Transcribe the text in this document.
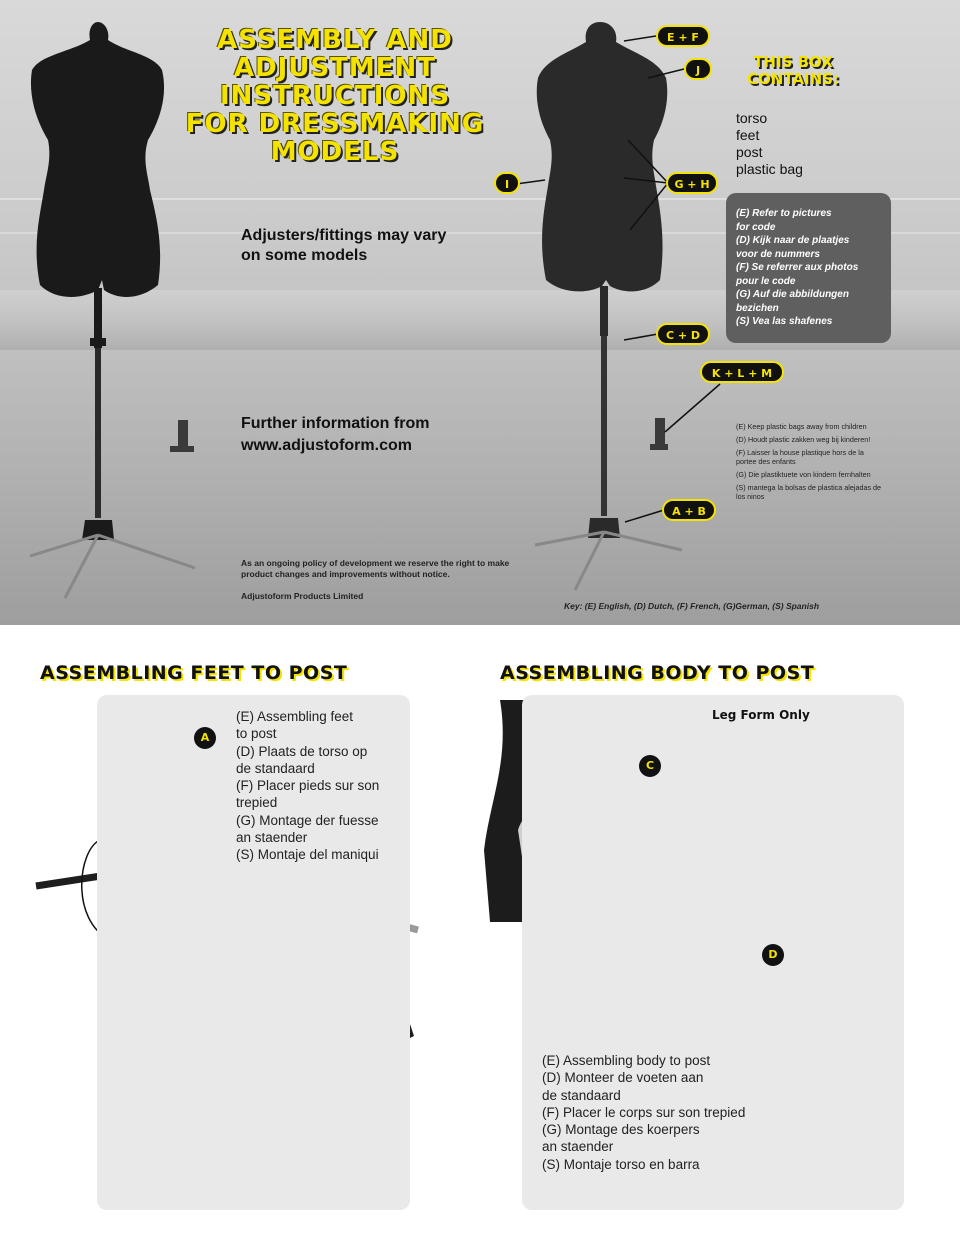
ASSEMBLY AND
ADJUSTMENT
INSTRUCTIONS
FOR DRESSMAKING
MODELS
THIS BOX
CONTAINS:
torso
feet
post
plastic bag
(E) Refer to pictures
for code
(D) Kijk naar de plaatjes
voor de nummers
(F) Se referrer aux photos
pour le code
(G) Auf die abbildungen
bezichen
(S) Vea las shafenes
Adjusters/fittings may vary on some models
Further information from
www.adjustoform.com
As an ongoing policy of development we reserve the right to make product changes and improvements without notice.
Adjustoform Products Limited

(E) Keep plastic bags away from children

(D) Houdt plastic zakken weg bij kinderen!

(F) Laisser la house plastique hors de la portee des enfants

(G) Die plastiktuete von kindern fernhalten

(S) mantega la bolsas de plastica alejadas de los ninos

Key: (E) English, (D) Dutch, (F) French, (G)German, (S) Spanish
E + F
J
I	G + H
C + D
K + L + M
A + B
ASSEMBLING FEET TO POST	ASSEMBLING BODY TO POST
(E) Assembling feet
to post
(D) Plaats de torso op
de standaard
(F) Placer pieds sur son
trepied
(G) Montage der fuesse
an staender
(S) Montaje del maniqui
Leg Form Only
(E) Assembling body to post
(D) Monteer de voeten aan
de standaard
(F) Placer le corps sur son trepied
(G) Montage des koerpers
an staender
(S) Montaje torso en barra
A
C
D
